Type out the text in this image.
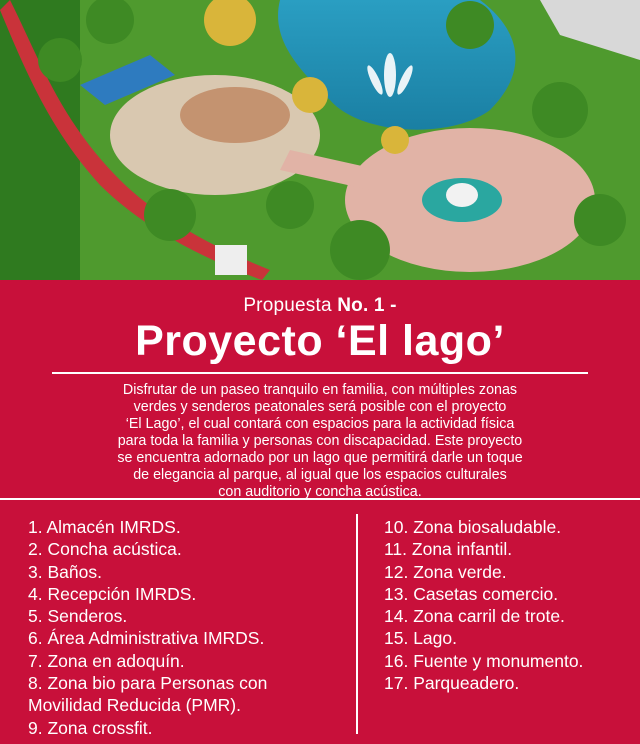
Propuesta No. 1 -
Proyecto ‘El lago’
Disfrutar de un paseo tranquilo en familia, con múltiples zonas
verdes y senderos peatonales será posible con el proyecto
‘El Lago’, el cual contará con espacios para la actividad física
para toda la familia y personas con discapacidad. Este proyecto
se encuentra adornado por un lago que permitirá darle un toque
de elegancia al parque, al igual que los espacios culturales
con auditorio y concha acústica.
1. Almacén IMRDS.
2. Concha acústica.
3. Baños.
4. Recepción IMRDS.
5. Senderos.
6. Área Administrativa IMRDS.
7. Zona en adoquín.
8. Zona bio para Personas con
Movilidad Reducida (PMR).
9. Zona crossfit.
10. Zona biosaludable.
11. Zona infantil.
12. Zona verde.
13. Casetas comercio.
14. Zona carril de trote.
15. Lago.
16. Fuente y monumento.
17. Parqueadero.
